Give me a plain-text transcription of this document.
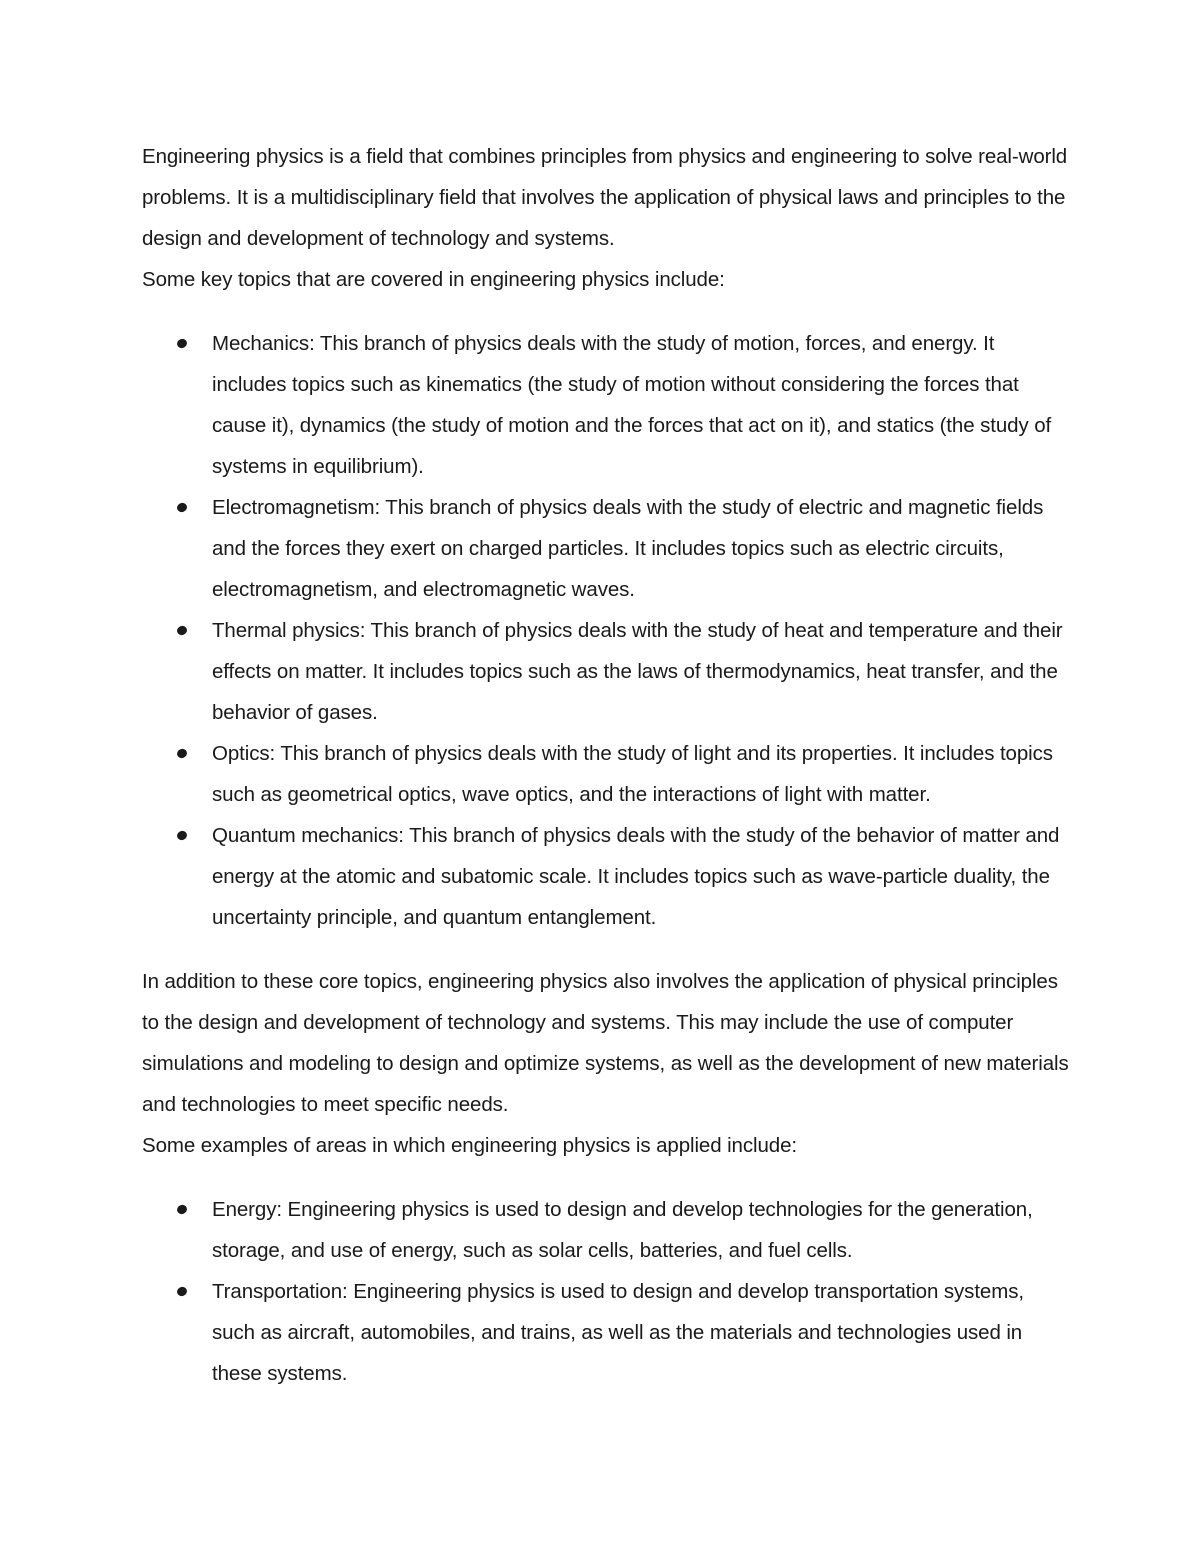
Engineering physics is a field that combines principles from physics and engineering to solve real-world problems. It is a multidisciplinary field that involves the application of physical laws and principles to the design and development of technology and systems.

Some key topics that are covered in engineering physics include:

Mechanics: This branch of physics deals with the study of motion, forces, and energy. It includes topics such as kinematics (the study of motion without considering the forces that cause it), dynamics (the study of motion and the forces that act on it), and statics (the study of systems in equilibrium).
Electromagnetism: This branch of physics deals with the study of electric and magnetic fields and the forces they exert on charged particles. It includes topics such as electric circuits, electromagnetism, and electromagnetic waves.
Thermal physics: This branch of physics deals with the study of heat and temperature and their effects on matter. It includes topics such as the laws of thermodynamics, heat transfer, and the behavior of gases.
Optics: This branch of physics deals with the study of light and its properties. It includes topics such as geometrical optics, wave optics, and the interactions of light with matter.
Quantum mechanics: This branch of physics deals with the study of the behavior of matter and energy at the atomic and subatomic scale. It includes topics such as wave-particle duality, the uncertainty principle, and quantum entanglement.

In addition to these core topics, engineering physics also involves the application of physical principles to the design and development of technology and systems. This may include the use of computer simulations and modeling to design and optimize systems, as well as the development of new materials and technologies to meet specific needs.

Some examples of areas in which engineering physics is applied include:

Energy: Engineering physics is used to design and develop technologies for the generation, storage, and use of energy, such as solar cells, batteries, and fuel cells.
Transportation: Engineering physics is used to design and develop transportation systems, such as aircraft, automobiles, and trains, as well as the materials and technologies used in these systems.
